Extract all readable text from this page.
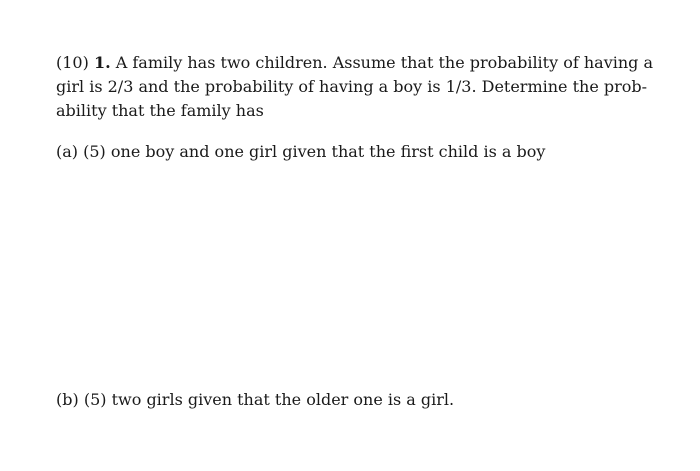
(10) 1. A family has two children. Assume that the probability of having a
girl is 2/3 and the probability of having a boy is 1/3. Determine the prob-
ability that the family has
(a) (5) one boy and one girl given that the first child is a boy
(b) (5) two girls given that the older one is a girl.
